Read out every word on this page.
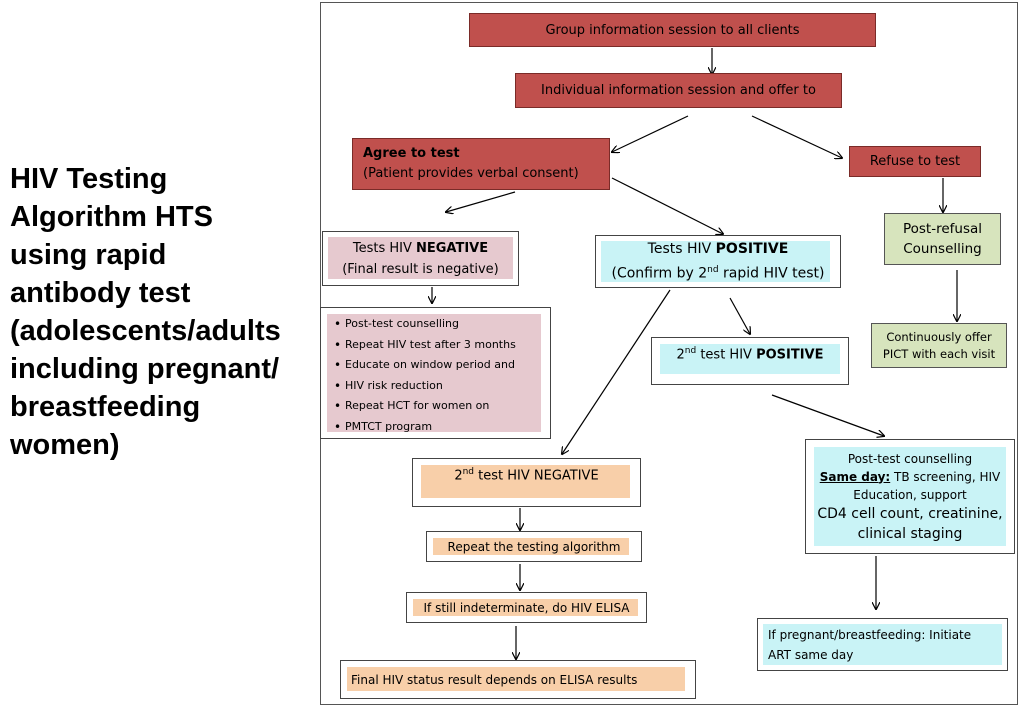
HIV Testing
Algorithm HTS
using rapid
antibody test
(adolescents/adults
including pregnant/
breastfeeding
women)
Group information session to all clients
Individual information session and offer to
Agree to test
(Patient provides verbal consent)
Refuse to test
Post-refusal
Counselling
Continuously offer
PICT with each visit
Tests HIV NEGATIVE
(Final result is negative)
• Post-test counselling
• Repeat HIV test after 3 months
• Educate on window period and
• HIV risk reduction
• Repeat HCT for women on
• PMTCT program
Tests HIV POSITIVE
(Confirm by 2nd rapid HIV test)
2nd test HIV POSITIVE
2nd test HIV NEGATIVE
Repeat the testing algorithm
If still indeterminate, do HIV ELISA
Final HIV status result depends on ELISA results
Post-test counselling
Same day: TB screening, HIV
Education, support
CD4 cell count, creatinine,
clinical staging
If pregnant/breastfeeding: Initiate
ART same day
